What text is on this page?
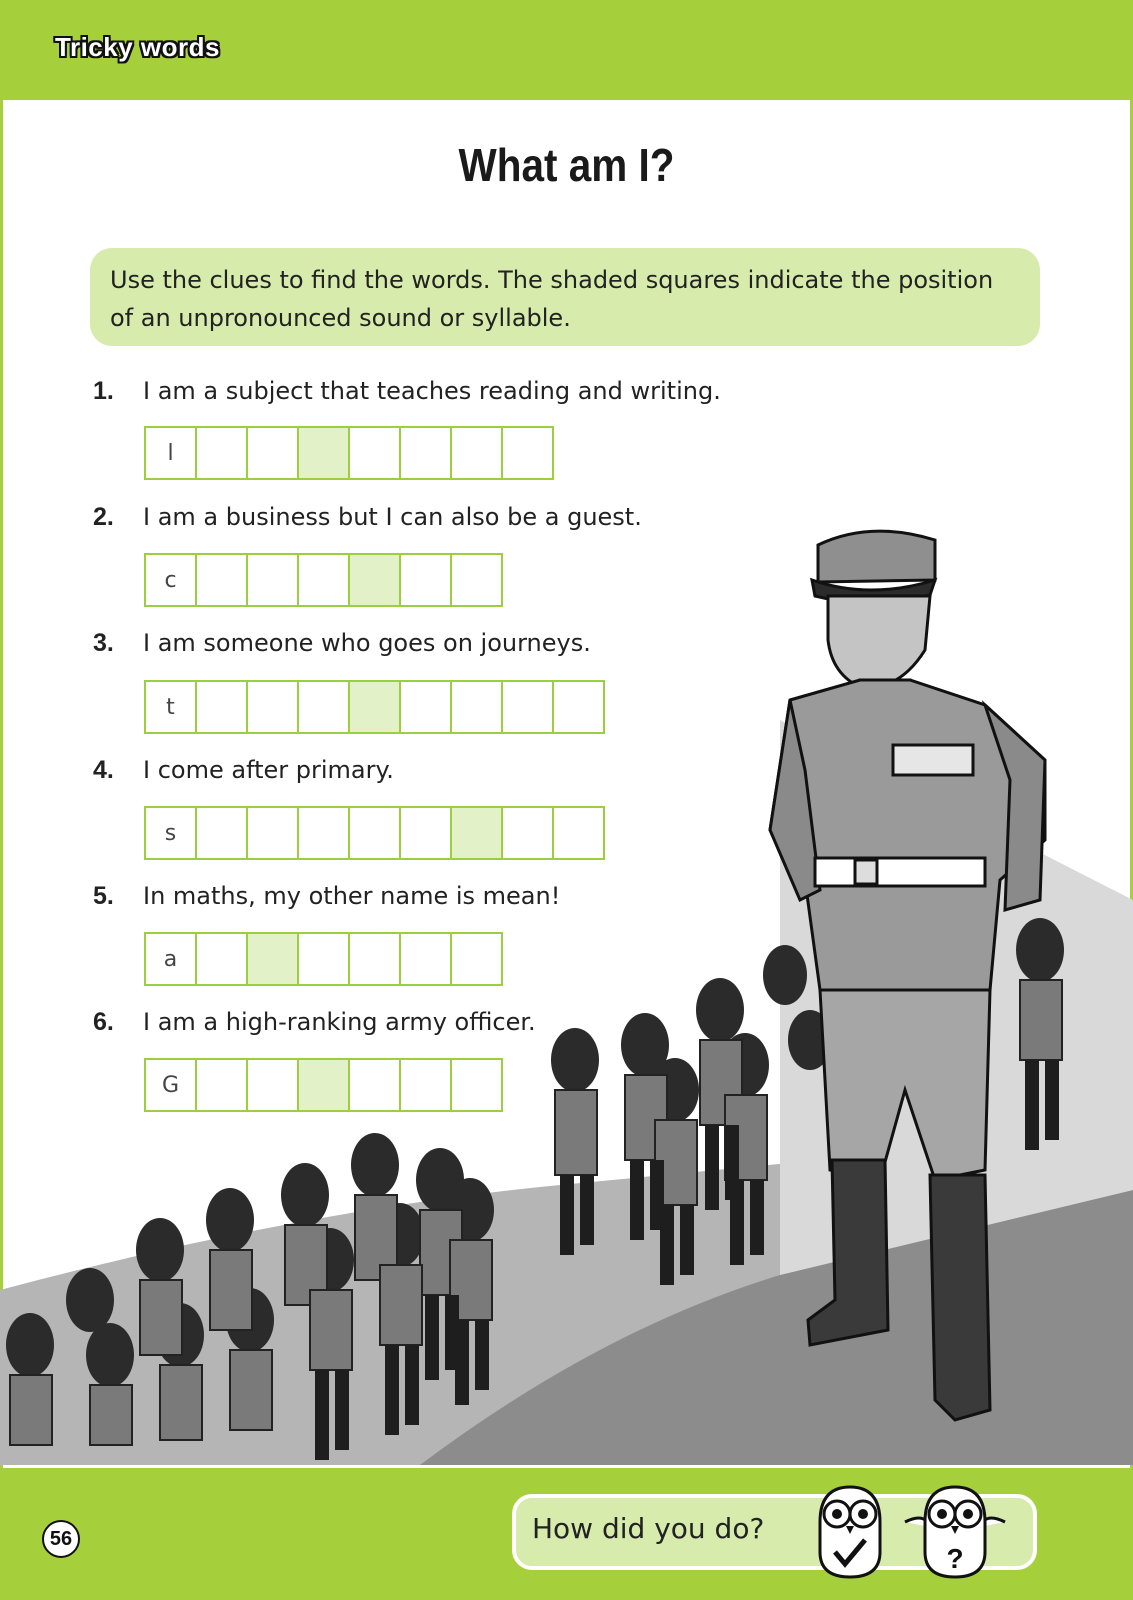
Tricky words
What am I?
Use the clues to find the words. The shaded squares indicate the position of an unpronounced sound or syllable.
1. I am a subject that teaches reading and writing.
l
2. I am a business but I can also be a guest.
c
3. I am someone who goes on journeys.
t
4. I come after primary.
s
5. In maths, my other name is mean!
a
6. I am a high-ranking army officer.
G
How did you do?
?
56
